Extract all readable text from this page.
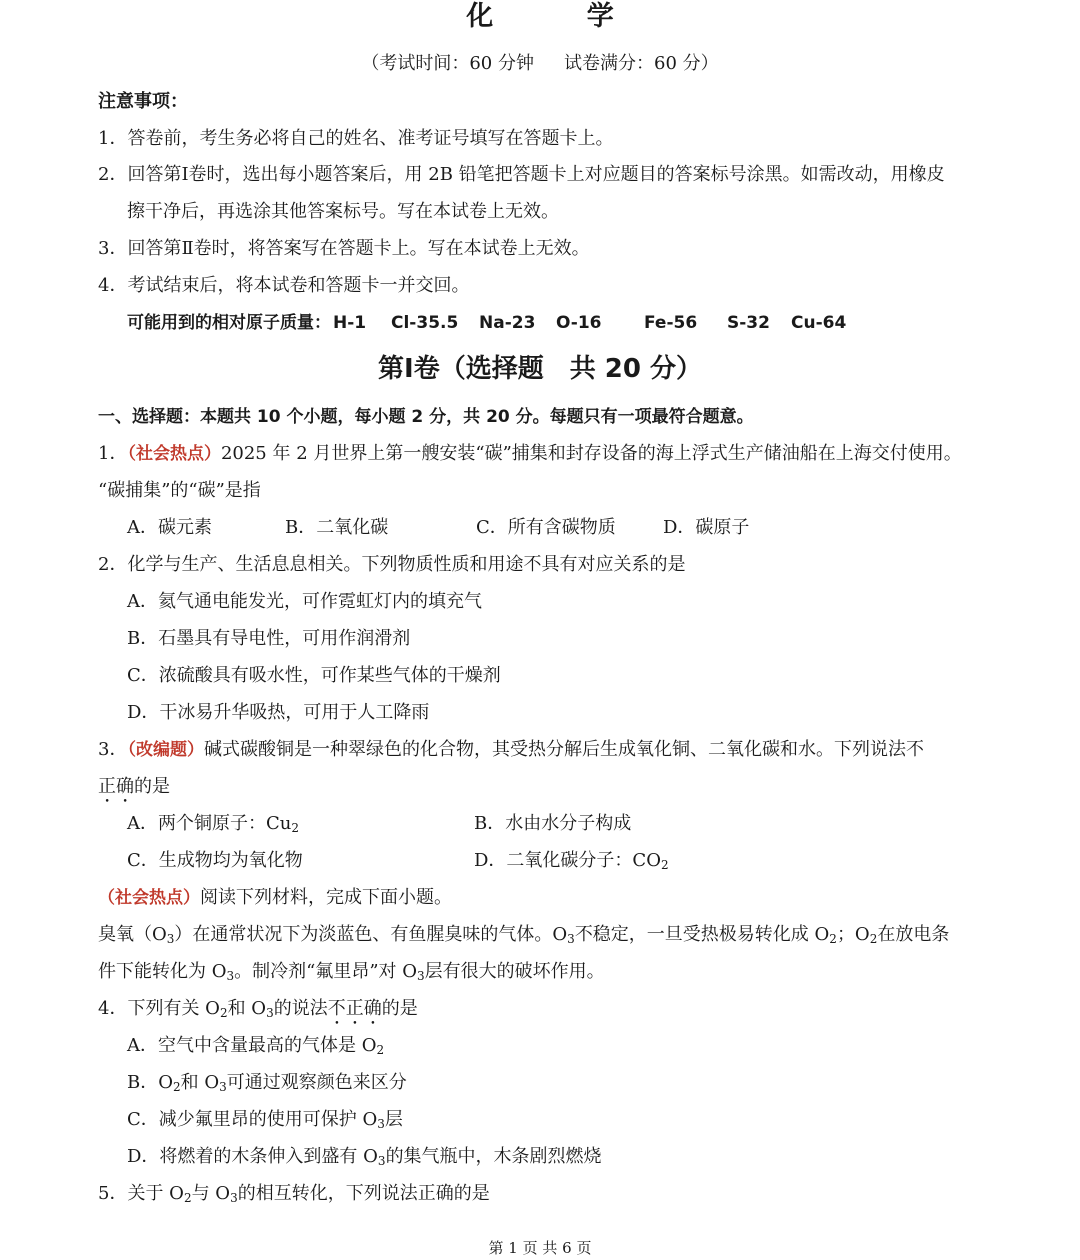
化 学
（考试时间：60 分钟 试卷满分：60 分）
注意事项：
1．答卷前，考生务必将自己的姓名、准考证号填写在答题卡上。
2．回答第Ⅰ卷时，选出每小题答案后，用 2B 铅笔把答题卡上对应题目的答案标号涂黑。如需改动，用橡皮
擦干净后，再选涂其他答案标号。写在本试卷上无效。
3．回答第Ⅱ卷时，将答案写在答题卡上。写在本试卷上无效。
4．考试结束后，将本试卷和答题卡一并交回。
可能用到的相对原子质量： H-1 Cl-35.5 Na-23 O-16	Fe-56 S-32 Cu-64
第Ⅰ卷（选择题　共 20 分）
一、选择题：本题共 10 个小题，每小题 2 分，共 20 分。每题只有一项最符合题意。
1．（社会热点）2025 年 2 月世界上第一艘安装“碳”捕集和封存设备的海上浮式生产储油船在上海交付使用。
“碳捕集”的“碳”是指
A．碳元素	B．二氧化碳	C．所有含碳物质	D．碳原子
2．化学与生产、生活息息相关。下列物质性质和用途不具有对应关系的是
A．氦气通电能发光，可作霓虹灯内的填充气
B．石墨具有导电性，可用作润滑剂
C．浓硫酸具有吸水性，可作某些气体的干燥剂
D．干冰易升华吸热，可用于人工降雨
3．（改编题）碱式碳酸铜是一种翠绿色的化合物，其受热分解后生成氧化铜、二氧化碳和水。下列说法不
正确的是
A．两个铜原子：$Cu_2$	B．水由水分子构成
C．生成物均为氧化物	D．二氧化碳分子：$CO_2$
（社会热点）阅读下列材料，完成下面小题。
臭氧$(O_3)$在通常状况下为淡蓝色、有鱼腥臭味的气体。$O_3$不稳定，一旦受热极易转化成 $O_2$；$O_2$在放电条
件下能转化为 $O_3$。制冷剂“氟里昂”对 $O_3$层有很大的破坏作用。
4．下列有关 $O_2$和 $O_3$的说法不正确的是
A．空气中含量最高的气体是 $O_2$
B．$O_2$和 $O_3$可通过观察颜色来区分
C．减少氟里昂的使用可保护 $O_3$层
D．将燃着的木条伸入到盛有 $O_3$的集气瓶中，木条剧烈燃烧
5．关于 $O_2$与 $O_3$的相互转化，下列说法正确的是
第 1 页 共 6 页
